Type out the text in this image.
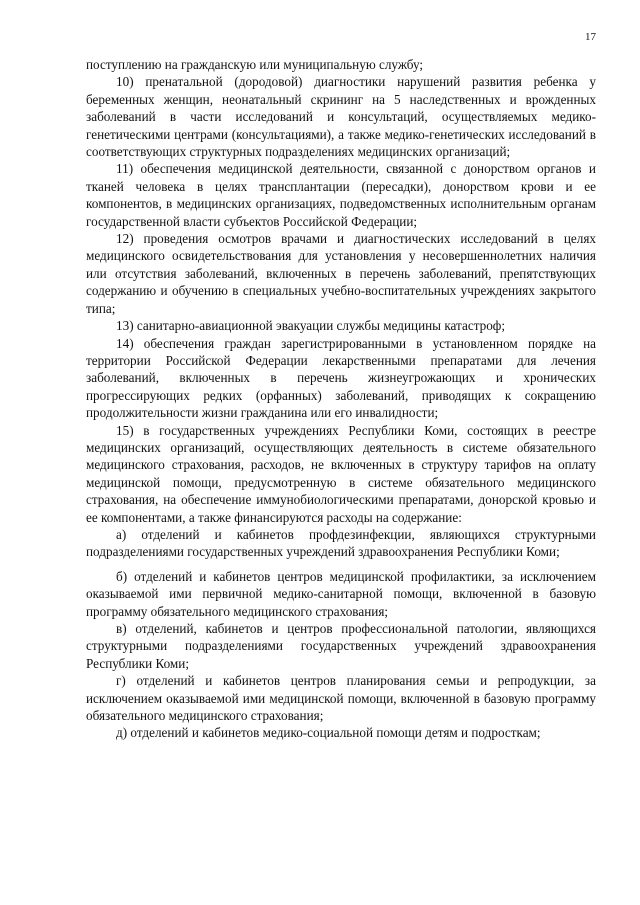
17

поступлению на гражданскую или муниципальную службу;

10) пренатальной (дородовой) диагностики нарушений развития ребенка у беременных женщин, неонатальный скрининг на 5 наследственных и врожденных заболеваний в части исследований и консультаций, осуществляемых медико-генетическими центрами (консультациями), а также медико-генетических исследований в соответствующих структурных подразделениях медицинских организаций;

11) обеспечения медицинской деятельности, связанной с донорством органов и тканей человека в целях трансплантации (пересадки), донорством крови и ее компонентов, в медицинских организациях, подведомственных исполнительным органам государственной власти субъектов Российской Федерации;

12) проведения осмотров врачами и диагностических исследований в целях медицинского освидетельствования для установления у несовершеннолетних наличия или отсутствия заболеваний, включенных в перечень заболеваний, препятствующих содержанию и обучению в специальных учебно-воспитательных учреждениях закрытого типа;

13) санитарно-авиационной эвакуации службы медицины катастроф;

14) обеспечения граждан зарегистрированными в установленном порядке на территории Российской Федерации лекарственными препаратами для лечения заболеваний, включенных в перечень жизнеугрожающих и хронических прогрессирующих редких (орфанных) заболеваний, приводящих к сокращению продолжительности жизни гражданина или его инвалидности;

15) в государственных учреждениях Республики Коми, состоящих в реестре медицинских организаций, осуществляющих деятельность в системе обязательного медицинского страхования, расходов, не включенных в структуру тарифов на оплату медицинской помощи, предусмотренную в системе обязательного медицинского страхования, на обеспечение иммунобиологическими препаратами, донорской кровью и ее компонентами, а также финансируются расходы на содержание:

а) отделений и кабинетов профдезинфекции, являющихся структурными подразделениями государственных учреждений здравоохранения Республики Коми;

б) отделений и кабинетов центров медицинской профилактики, за исключением оказываемой ими первичной медико-санитарной помощи, включенной в базовую программу обязательного медицинского страхования;

в) отделений, кабинетов и центров профессиональной патологии, являющихся структурными подразделениями государственных учреждений здравоохранения Республики Коми;

г) отделений и кабинетов центров планирования семьи и репродукции, за исключением оказываемой ими медицинской помощи, включенной в базовую программу обязательного медицинского страхования;

д) отделений и кабинетов медико-социальной помощи детям и подросткам;
